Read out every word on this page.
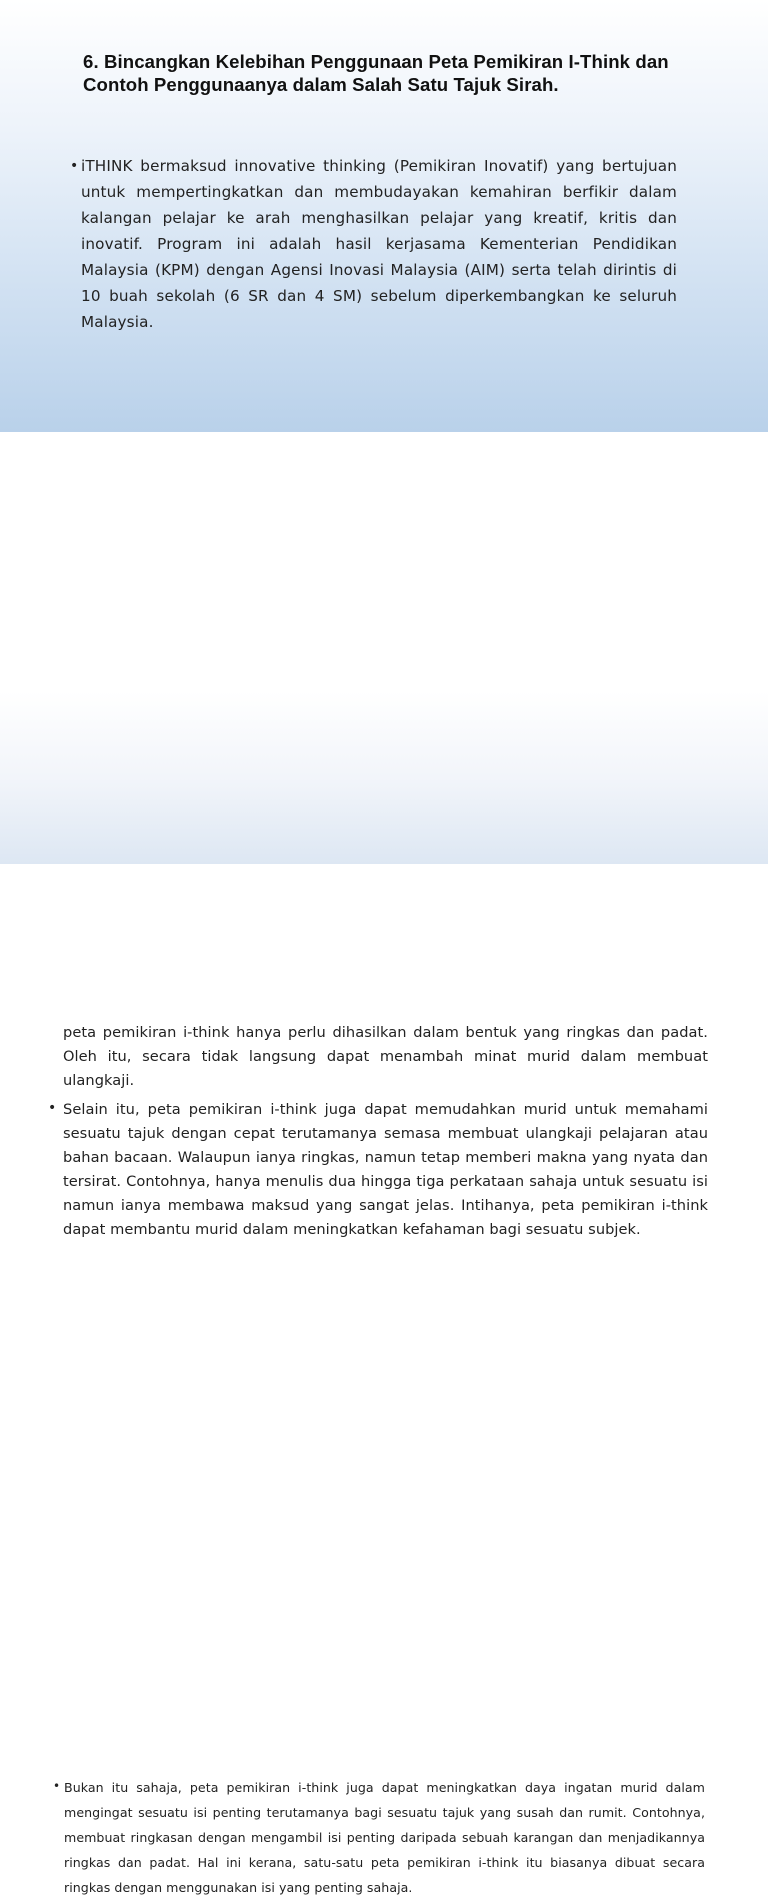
6. Bincangkan Kelebihan Penggunaan Peta Pemikiran I-Think dan Contoh Penggunaanya dalam Salah Satu Tajuk Sirah.
• iTHINK bermaksud innovative thinking (Pemikiran Inovatif) yang bertujuan untuk mempertingkatkan dan membudayakan kemahiran berfikir dalam kalangan pelajar ke arah menghasilkan pelajar yang kreatif, kritis dan inovatif. Program ini adalah hasil kerjasama Kementerian Pendidikan Malaysia (KPM) dengan Agensi Inovasi Malaysia (AIM) serta telah dirintis di 10 buah sekolah (6 SR dan 4 SM) sebelum diperkembangkan ke seluruh Malaysia.
peta pemikiran i-think hanya perlu dihasilkan dalam bentuk yang ringkas dan padat. Oleh itu, secara tidak langsung dapat menambah minat murid dalam membuat ulangkaji.
• Selain itu, peta pemikiran i-think juga dapat memudahkan murid untuk memahami sesuatu tajuk dengan cepat terutamanya semasa membuat ulangkaji pelajaran atau bahan bacaan. Walaupun ianya ringkas, namun tetap memberi makna yang nyata dan tersirat. Contohnya, hanya menulis dua hingga tiga perkataan sahaja untuk sesuatu isi namun ianya membawa maksud yang sangat jelas. Intihanya, peta pemikiran i-think dapat membantu murid dalam meningkatkan kefahaman bagi sesuatu subjek.
• Bukan itu sahaja, peta pemikiran i-think juga dapat meningkatkan daya ingatan murid dalam mengingat sesuatu isi penting terutamanya bagi sesuatu tajuk yang susah dan rumit. Contohnya, membuat ringkasan dengan mengambil isi penting daripada sebuah karangan dan menjadikannya ringkas dan padat. Hal ini kerana, satu-satu peta pemikiran i-think itu biasanya dibuat secara ringkas dengan menggunakan isi yang penting sahaja.
